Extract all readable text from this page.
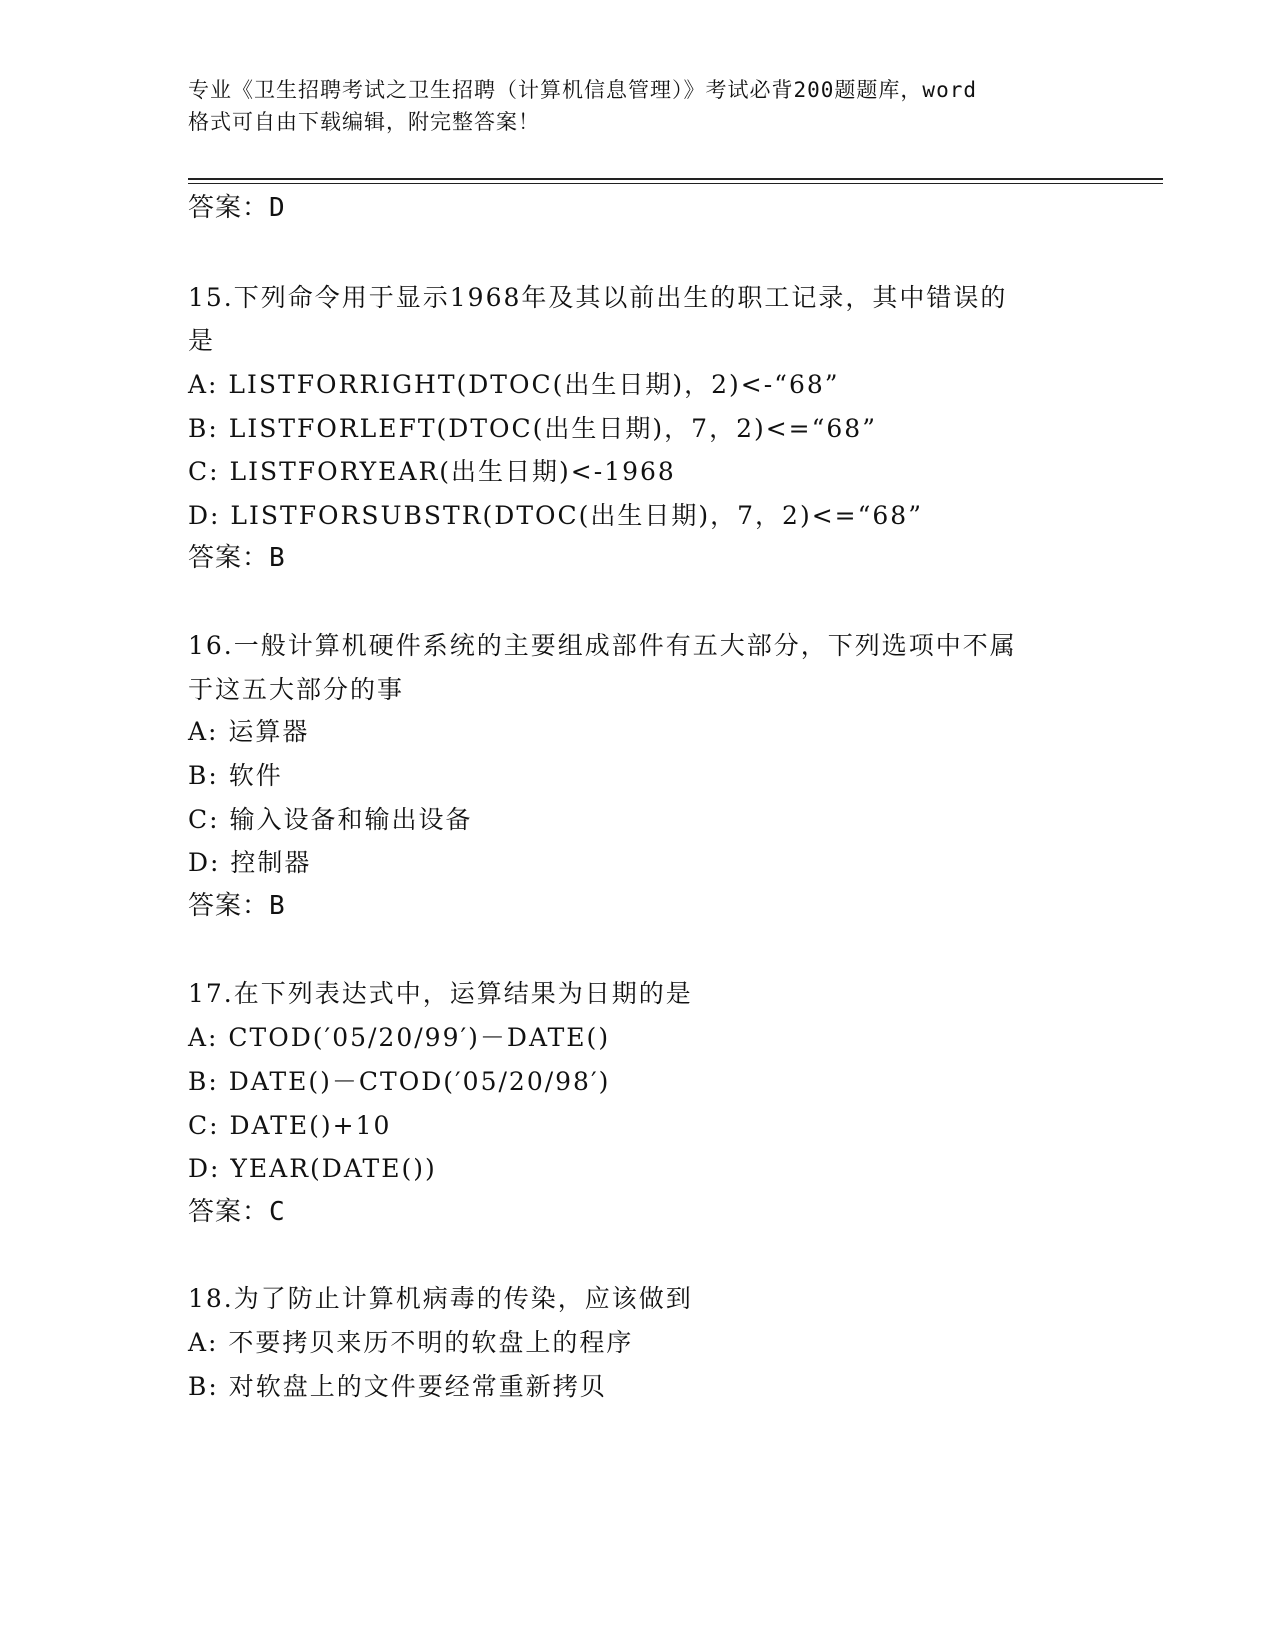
专业《卫生招聘考试之卫生招聘（计算机信息管理）》考试必背200题题库，word
格式可自由下载编辑，附完整答案！
答案：D
15.下列命令用于显示1968年及其以前出生的职工记录，其中错误的
是
A: LISTFORRIGHT(DTOC(出生日期)，2)<-“68”
B: LISTFORLEFT(DTOC(出生日期)，7，2)<=“68”
C: LISTFORYEAR(出生日期)<-1968
D: LISTFORSUBSTR(DTOC(出生日期)，7，2)<=“68”
答案：B
16.一般计算机硬件系统的主要组成部件有五大部分，下列选项中不属
于这五大部分的事
A: 运算器
B: 软件
C: 输入设备和输出设备
D: 控制器
答案：B
17.在下列表达式中，运算结果为日期的是
A: CTOD(′05/20/99′)－DATE()
B: DATE()－CTOD(′05/20/98′)
C: DATE()+10
D: YEAR(DATE())
答案：C
18.为了防止计算机病毒的传染，应该做到
A: 不要拷贝来历不明的软盘上的程序
B: 对软盘上的文件要经常重新拷贝
